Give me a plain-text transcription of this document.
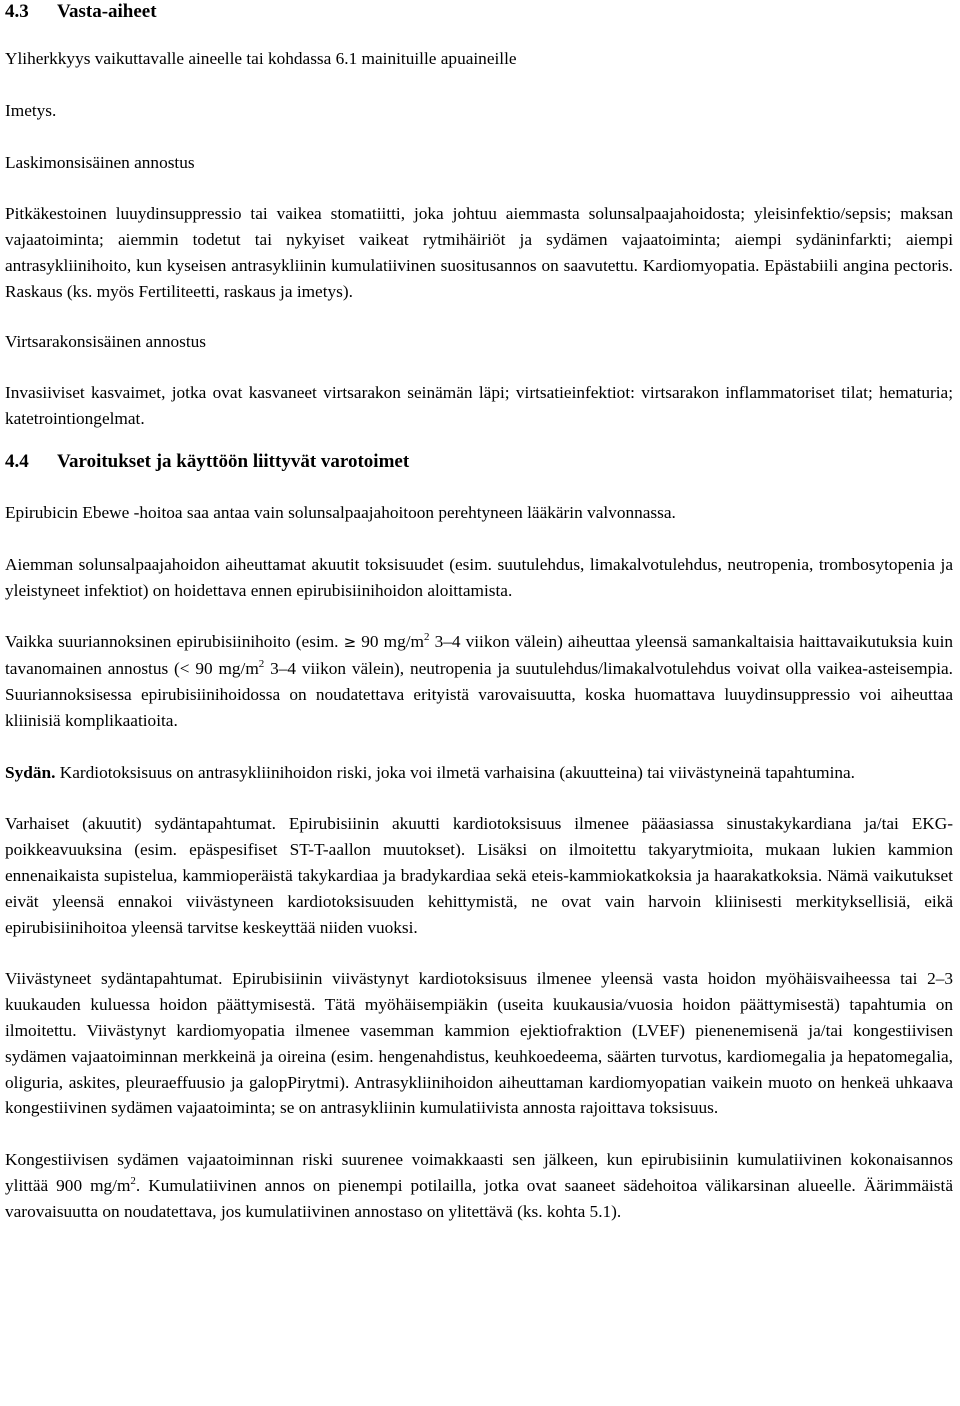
4.3 Vasta-aiheet

Yliherkkyys vaikuttavalle aineelle tai kohdassa 6.1 mainituille apuaineille

Imetys.

Laskimonsisäinen annostus

Pitkäkestoinen luuydinsuppressio tai vaikea stomatiitti, joka johtuu aiemmasta solunsalpaajahoidosta; yleisinfektio/sepsis; maksan vajaatoiminta; aiemmin todetut tai nykyiset vaikeat rytmihäiriöt ja sydämen vajaatoiminta; aiempi sydäninfarkti; aiempi antrasykliinihoito, kun kyseisen antrasykliinin kumulatiivinen suositusannos on saavutettu. Kardiomyopatia. Epästabiili angina pectoris. Raskaus (ks. myös Fertiliteetti, raskaus ja imetys).

Virtsarakonsisäinen annostus

Invasiiviset kasvaimet, jotka ovat kasvaneet virtsarakon seinämän läpi; virtsatieinfektiot: virtsarakon inflammatoriset tilat; hematuria; katetrointiongelmat.

4.4 Varoitukset ja käyttöön liittyvät varotoimet

Epirubicin Ebewe -hoitoa saa antaa vain solunsalpaajahoitoon perehtyneen lääkärin valvonnassa.

Aiemman solunsalpaajahoidon aiheuttamat akuutit toksisuudet (esim. suutulehdus, limakalvotulehdus, neutropenia, trombosytopenia ja yleistyneet infektiot) on hoidettava ennen epirubisiinihoidon aloittamista.

Vaikka suuriannoksinen epirubisiinihoito (esim. ≥ 90 $mg/m^2$ 3–4 viikon välein) aiheuttaa yleensä samankaltaisia haittavaikutuksia kuin tavanomainen annostus (< 90 $mg/m^2$ 3–4 viikon välein), neutropenia ja suutulehdus/limakalvotulehdus voivat olla vaikea-asteisempia. Suuriannoksisessa epirubisiinihoidossa on noudatettava erityistä varovaisuutta, koska huomattava luuydinsuppressio voi aiheuttaa kliinisiä komplikaatioita.

Sydän. Kardiotoksisuus on antrasykliinihoidon riski, joka voi ilmetä varhaisina (akuutteina) tai viivästyneinä tapahtumina.

Varhaiset (akuutit) sydäntapahtumat. Epirubisiinin akuutti kardiotoksisuus ilmenee pääasiassa sinustakykardiana ja/tai EKG-poikkeavuuksina (esim. epäspesifiset ST-T-aallon muutokset). Lisäksi on ilmoitettu takyarytmioita, mukaan lukien kammion ennenaikaista supistelua, kammioperäistä takykardiaa ja bradykardiaa sekä eteis-kammiokatkoksia ja haarakatkoksia. Nämä vaikutukset eivät yleensä ennakoi viivästyneen kardiotoksisuuden kehittymistä, ne ovat vain harvoin kliinisesti merkityksellisiä, eikä epirubisiinihoitoa yleensä tarvitse keskeyttää niiden vuoksi.

Viivästyneet sydäntapahtumat. Epirubisiinin viivästynyt kardiotoksisuus ilmenee yleensä vasta hoidon myöhäisvaiheessa tai 2–3 kuukauden kuluessa hoidon päättymisestä. Tätä myöhäisempiäkin (useita kuukausia/vuosia hoidon päättymisestä) tapahtumia on ilmoitettu. Viivästynyt kardiomyopatia ilmenee vasemman kammion ejektiofraktion (LVEF) pienenemisenä ja/tai kongestiivisen sydämen vajaatoiminnan merkkeinä ja oireina (esim. hengenahdistus, keuhkoedeema, säärten turvotus, kardiomegalia ja hepatomegalia, oliguria, askites, pleuraeffuusio ja galopPirytmi). Antrasykliinihoidon aiheuttaman kardiomyopatian vaikein muoto on henkeä uhkaava kongestiivinen sydämen vajaatoiminta; se on antrasykliinin kumulatiivista annosta rajoittava toksisuus.

Kongestiivisen sydämen vajaatoiminnan riski suurenee voimakkaasti sen jälkeen, kun epirubisiinin kumulatiivinen kokonaisannos ylittää 900 $mg/m^2$. Kumulatiivinen annos on pienempi potilailla, jotka ovat saaneet sädehoitoa välikarsinan alueelle. Äärimmäistä varovaisuutta on noudatettava, jos kumulatiivinen annostaso on ylitettävä (ks. kohta 5.1).
